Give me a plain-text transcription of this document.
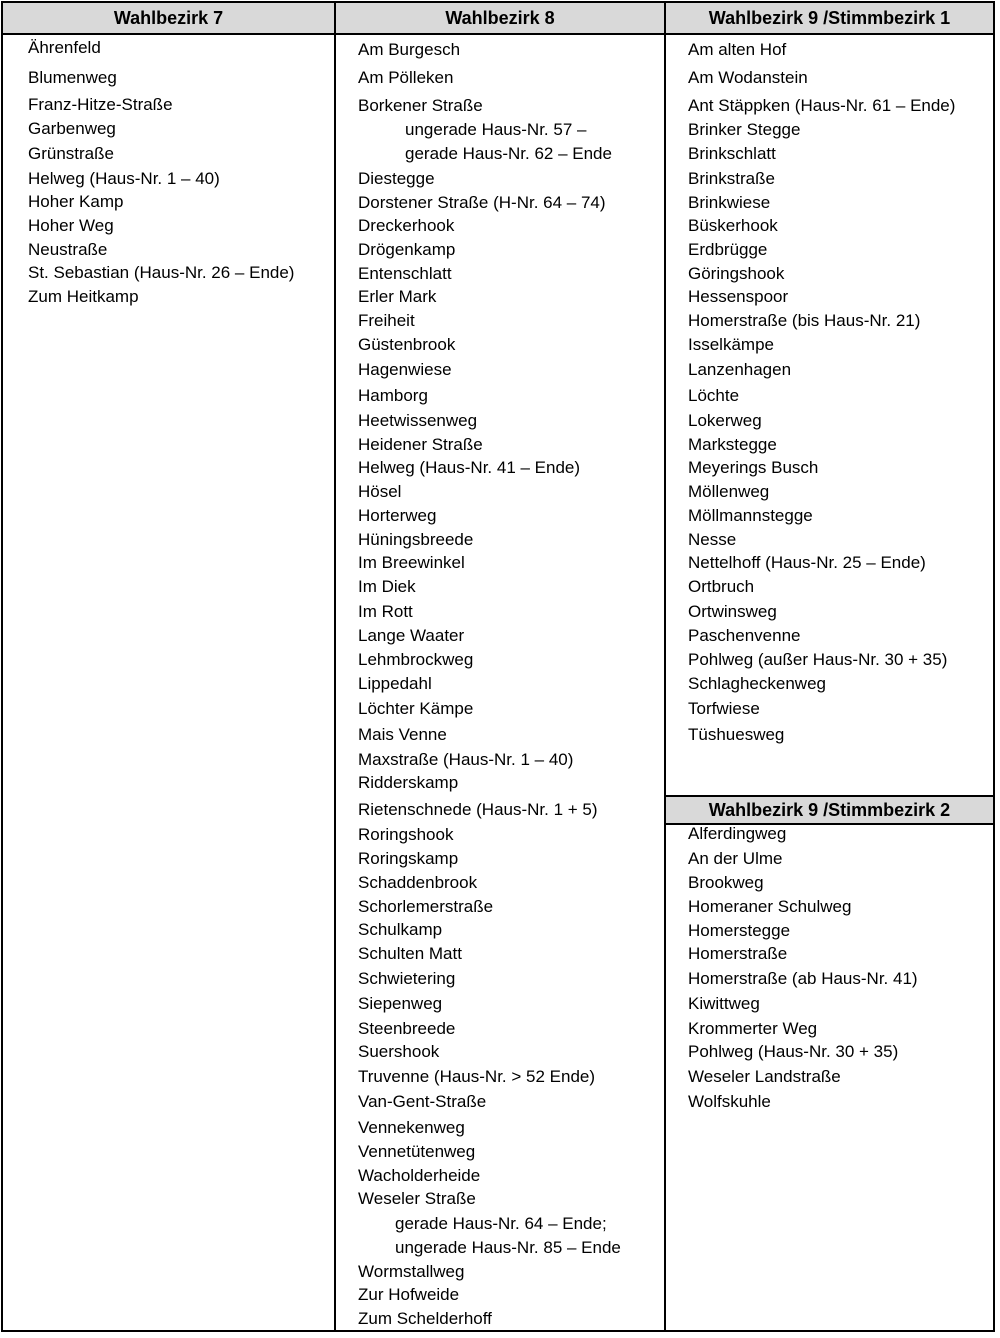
Wahlbezirk 7	Wahlbezirk 8	Wahlbezirk 9 /Stimmbezirk 1
Wahlbezirk 9 /Stimmbezirk 2
Ährenfeld
Blumenweg
Franz-Hitze-Straße
Garbenweg
Grünstraße
Helweg (Haus-Nr. 1 – 40)
Hoher Kamp
Hoher Weg
Neustraße
St. Sebastian (Haus-Nr. 26 – Ende)
Zum Heitkamp
Am Burgesch
Am Pölleken
Borkener Straße
ungerade Haus-Nr. 57 –
gerade Haus-Nr. 62 – Ende
Diestegge
Dorstener Straße (H-Nr. 64 – 74)
Dreckerhook
Drögenkamp
Entenschlatt
Erler Mark
Freiheit
Güstenbrook
Hagenwiese
Hamborg
Heetwissenweg
Heidener Straße
Helweg (Haus-Nr. 41 – Ende)
Hösel
Horterweg
Hüningsbreede
Im Breewinkel
Im Diek
Im Rott
Lange Waater
Lehmbrockweg
Lippedahl
Löchter Kämpe
Mais Venne
Maxstraße (Haus-Nr. 1 – 40)
Ridderskamp
Rietenschnede (Haus-Nr. 1 + 5)
Roringshook
Roringskamp
Schaddenbrook
Schorlemerstraße
Schulkamp
Schulten Matt
Schwietering
Siepenweg
Steenbreede
Suershook
Truvenne (Haus-Nr. > 52 Ende)
Van-Gent-Straße
Vennekenweg
Vennetütenweg
Wacholderheide
Weseler Straße
gerade Haus-Nr. 64 – Ende;
ungerade Haus-Nr. 85 – Ende
Wormstallweg
Zur Hofweide
Zum Schelderhoff
Am alten Hof
Am Wodanstein
Ant Stäppken (Haus-Nr. 61 – Ende)
Brinker Stegge
Brinkschlatt
Brinkstraße
Brinkwiese
Büskerhook
Erdbrügge
Göringshook
Hessenspoor
Homerstraße (bis Haus-Nr. 21)
Isselkämpe
Lanzenhagen
Löchte
Lokerweg
Markstegge
Meyerings Busch
Möllenweg
Möllmannstegge
Nesse
Nettelhoff (Haus-Nr. 25 – Ende)
Ortbruch
Ortwinsweg
Paschenvenne
Pohlweg (außer Haus-Nr. 30 + 35)
Schlagheckenweg
Torfwiese
Tüshuesweg
Alferdingweg
An der Ulme
Brookweg
Homeraner Schulweg
Homerstegge
Homerstraße
Homerstraße (ab Haus-Nr. 41)
Kiwittweg
Krommerter Weg
Pohlweg (Haus-Nr. 30 + 35)
Weseler Landstraße
Wolfskuhle
